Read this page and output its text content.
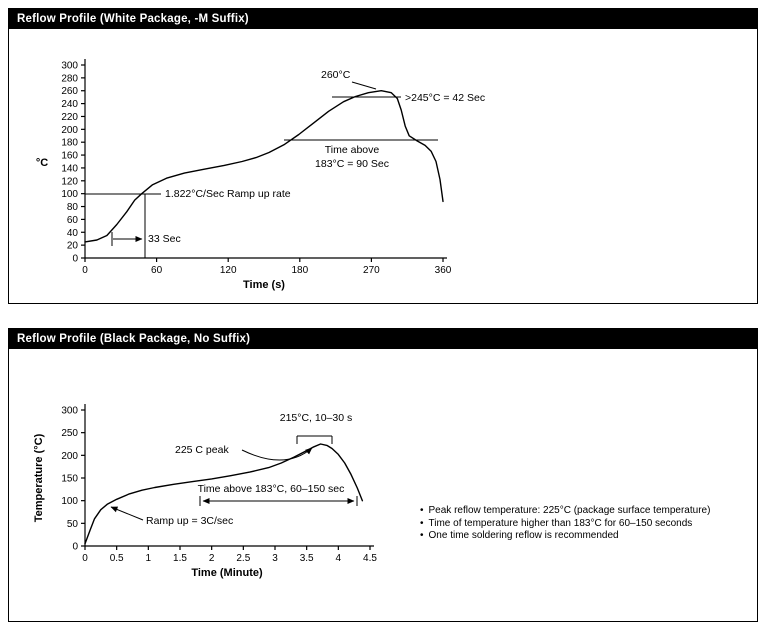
Reflow Profile (White Package, -M Suffix)
0	60	120	180	270	360
0
20
40
60
80
100
120
140
160
180
200
220
240
260
280
300
1.822°C/Sec Ramp up rate
33 Sec
260°C
>245°C = 42 Sec
Time above
183°C = 90 Sec
Time (s)
°C
Reflow Profile (Black Package, No Suffix)
0 0.5 1 1.5 2 2.5 3 3.5 4 4.5
0
50
100
150
200
250
300
215°C, 10–30 s
225 C peak
Time above 183°C, 60–150 sec
Ramp up = 3C/sec
Time (Minute)
Temperature (°C) •	Peak reflow temperature: 225°C (package surface temperature)
•
Time of temperature higher than 183°C for 60–150 seconds
•
One time soldering reflow is recommended
